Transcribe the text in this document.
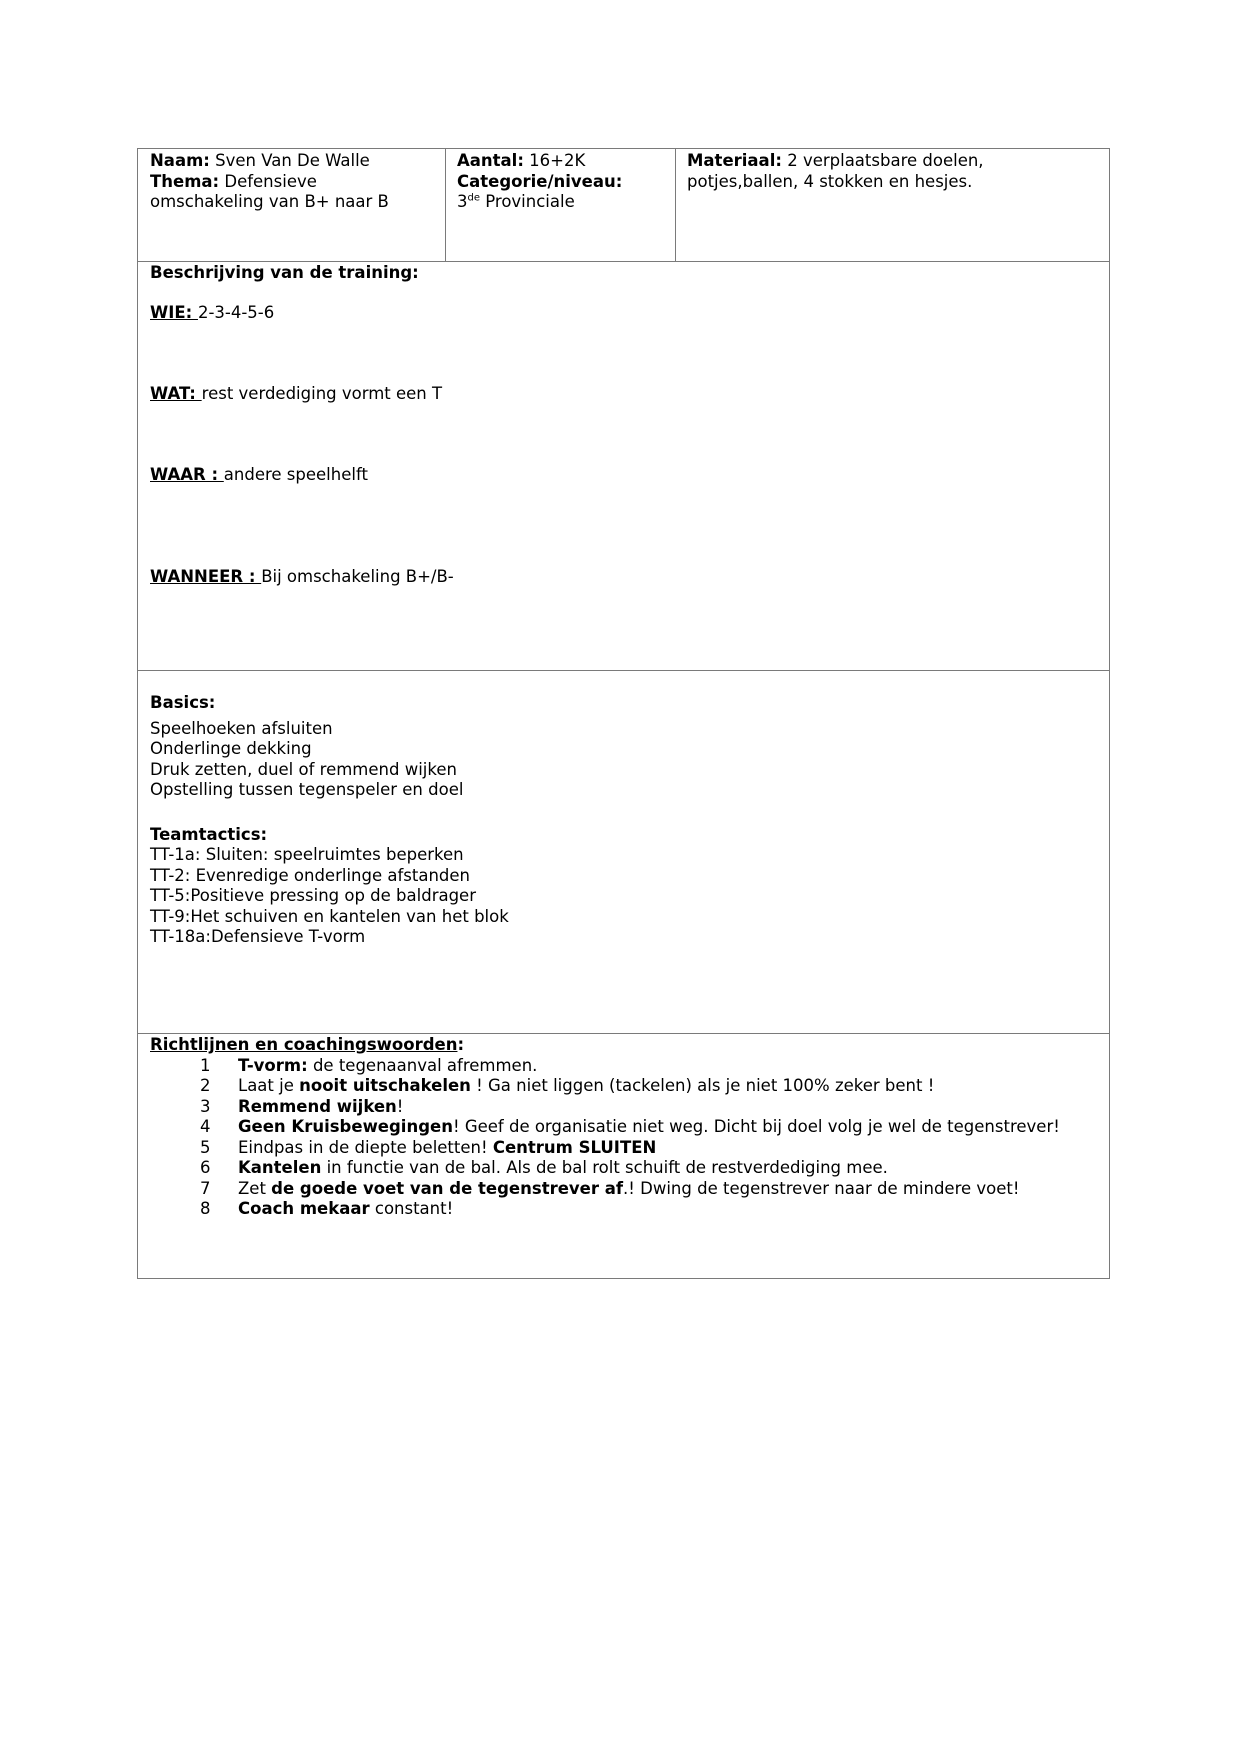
Naam: Sven Van De Walle
Thema: Defensieve
omschakeling van B+ naar B
Aantal: 16+2K
Categorie/niveau:
3de Provinciale
Materiaal: 2 verplaatsbare doelen,
potjes,ballen, 4 stokken en hesjes.
Beschrijving van de training:
WIE: 2-3-4-5-6
WAT: rest verdediging vormt een T
WAAR : andere speelhelft
WANNEER : Bij omschakeling B+/B-
Basics:
Speelhoeken afsluiten
Onderlinge dekking
Druk zetten, duel of remmend wijken
Opstelling tussen tegenspeler en doel
Teamtactics:
TT-1a: Sluiten: speelruimtes beperken
TT-2: Evenredige onderlinge afstanden
TT-5:Positieve pressing op de baldrager
TT-9:Het schuiven en kantelen van het blok
TT-18a:Defensieve T-vorm
Richtlijnen en coachingswoorden:
1	T-vorm: de tegenaanval afremmen.
2	Laat je nooit uitschakelen ! Ga niet liggen (tackelen) als je niet 100% zeker bent !
3	Remmend wijken!
4	Geen Kruisbewegingen! Geef de organisatie niet weg. Dicht bij doel volg je wel de tegenstrever!
5	Eindpas in de diepte beletten! Centrum SLUITEN
6	Kantelen in functie van de bal. Als de bal rolt schuift de restverdediging mee.
7	Zet de goede voet van de tegenstrever af.! Dwing de tegenstrever naar de mindere voet!
8	Coach mekaar constant!
